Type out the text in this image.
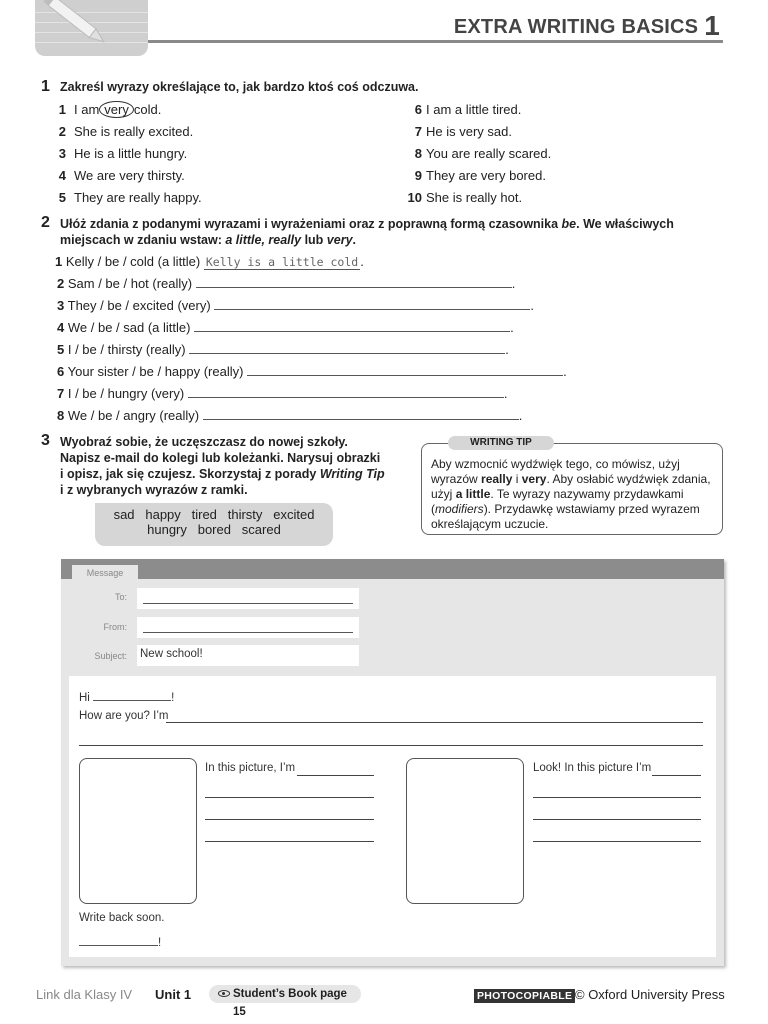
EXTRA WRITING BASICS 1
1 Zakreśl wyrazy określające to, jak bardzo ktoś coś odczuwa.
1 I am very cold.
2 She is really excited.
3 He is a little hungry.
4 We are very thirsty.
5 They are really happy.
6 I am a little tired.
7 He is very sad.
8 You are really scared.
9 They are very bored.
10 She is really hot.
2 Ułóż zdania z podanymi wyrazami i wyrażeniami oraz z poprawną formą czasownika be. We właściwych
miejscach w zdaniu wstaw: a little, really lub very.
1 Kelly / be / cold (a little) Kelly is a little cold .
2 Sam / be / hot (really)	.
3 They / be / excited (very)	.
4 We / be / sad (a little)	.
5 I / be / thirsty (really)	.
6 Your sister / be / happy (really)	.
7 I / be / hungry (very)	.
8 We / be / angry (really)	.
3 Wyobraź sobie, że uczęszczasz do nowej szkoły.
Napisz e-mail do kolegi lub koleżanki. Narysuj obrazki
i opisz, jak się czujesz. Skorzystaj z porady Writing Tip
i z wybranych wyrazów z ramki.
sad   happy   tired   thirsty   excited
hungry   bored   scared
WRITING TIP
Aby wzmocnić wydźwięk tego, co mówisz, użyj
wyrazów really i very. Aby osłabić wydźwięk zdania,
użyj a little. Te wyrazy nazywamy przydawkami
(modifiers). Przydawkę wstawiamy przed wyrazem
określającym uczucie.
Message
To:
From:
Subject: New school!
Hi	!
How are you? I’m
In this picture, I’m	Look! In this picture I’m
Write back soon.
!
Link dla Klasy IV Unit 1	Student’s Book page 15
PHOTOCOPIABLE © Oxford University Press
